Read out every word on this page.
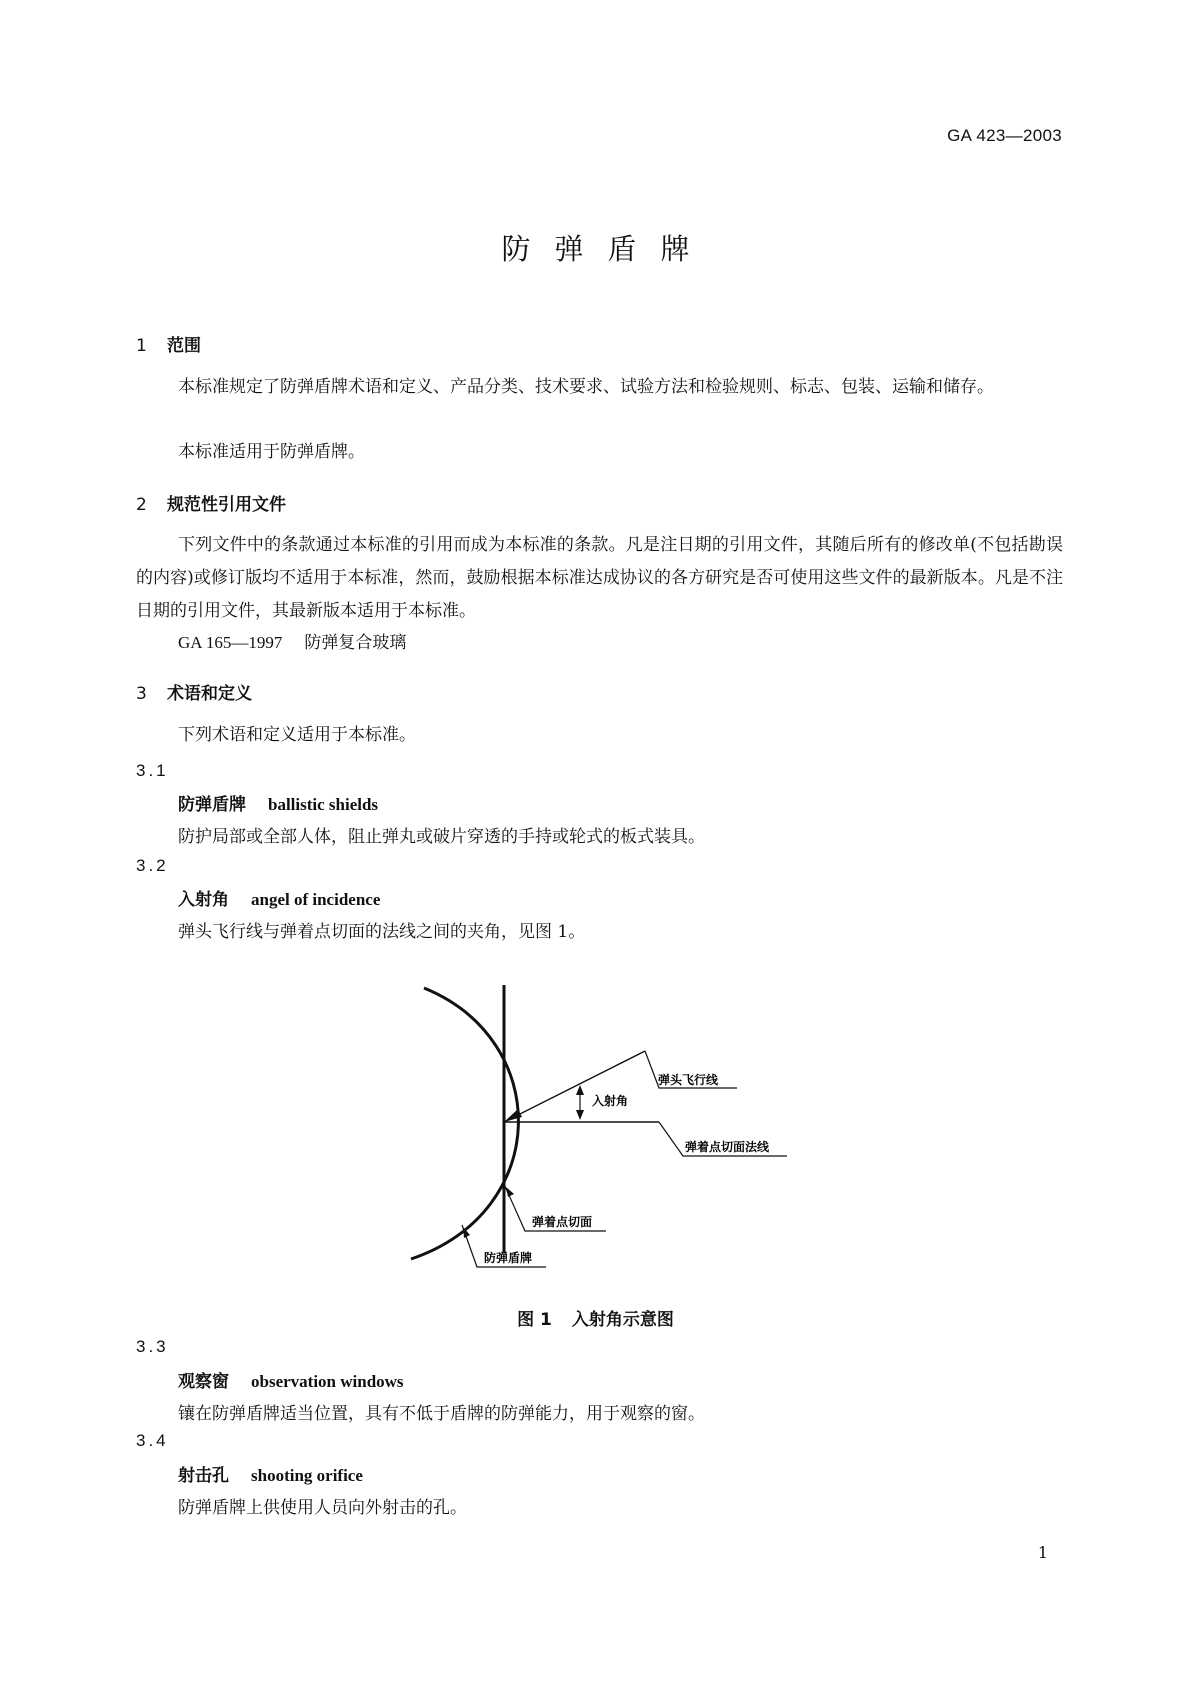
GA 423—2003
防弹盾牌
1 范围
本标准规定了防弹盾牌术语和定义、产品分类、技术要求、试验方法和检验规则、标志、包装、运输和储存。
本标准适用于防弹盾牌。
2 规范性引用文件
下列文件中的条款通过本标准的引用而成为本标准的条款。凡是注日期的引用文件，其随后所有的修改单(不包括勘误的内容)或修订版均不适用于本标准，然而，鼓励根据本标准达成协议的各方研究是否可使用这些文件的最新版本。凡是不注日期的引用文件，其最新版本适用于本标准。
GA 165—1997 防弹复合玻璃
3 术语和定义
下列术语和定义适用于本标准。
3.1
防弹盾牌 ballistic shields
防护局部或全部人体，阻止弹丸或破片穿透的手持或轮式的板式装具。
3.2
入射角 angel of incidence
弹头飞行线与弹着点切面的法线之间的夹角，见图 1。
弹头飞行线
入射角
弹着点切面法线
弹着点切面
防弹盾牌
图 1 入射角示意图
3.3
观察窗 observation windows
镶在防弹盾牌适当位置，具有不低于盾牌的防弹能力，用于观察的窗。
3.4
射击孔 shooting orifice
防弹盾牌上供使用人员向外射击的孔。
1
